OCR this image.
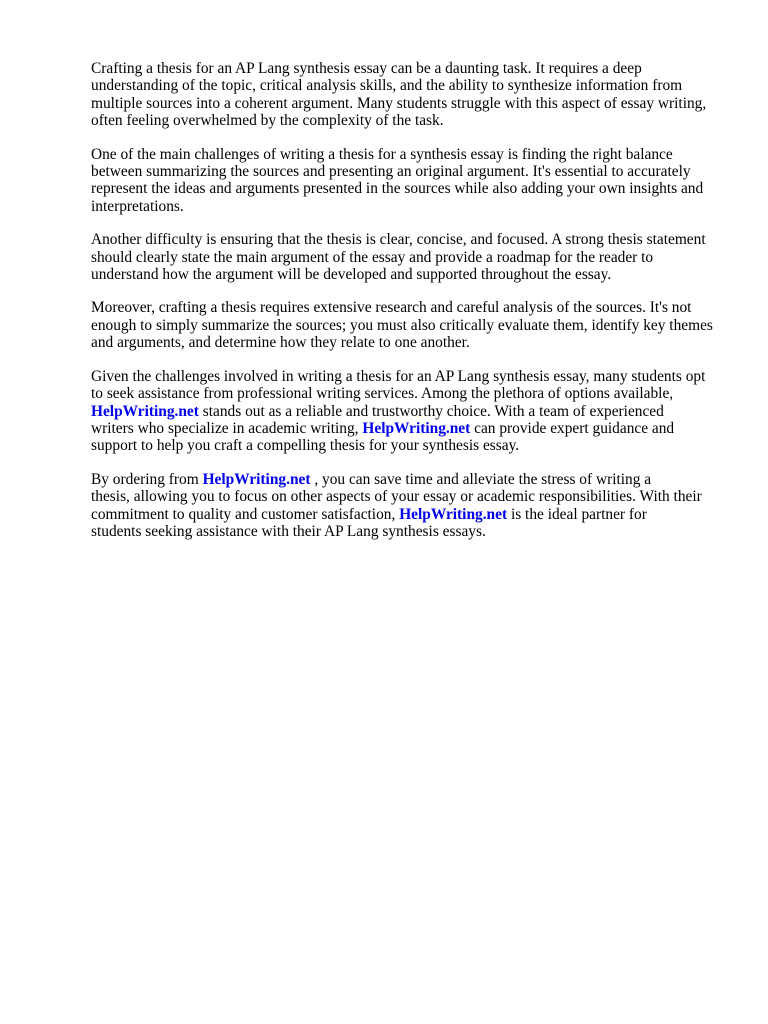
Crafting a thesis for an AP Lang synthesis essay can be a daunting task. It requires a deep
understanding of the topic, critical analysis skills, and the ability to synthesize information from
multiple sources into a coherent argument. Many students struggle with this aspect of essay writing,
often feeling overwhelmed by the complexity of the task.

One of the main challenges of writing a thesis for a synthesis essay is finding the right balance
between summarizing the sources and presenting an original argument. It's essential to accurately
represent the ideas and arguments presented in the sources while also adding your own insights and
interpretations.

Another difficulty is ensuring that the thesis is clear, concise, and focused. A strong thesis statement
should clearly state the main argument of the essay and provide a roadmap for the reader to
understand how the argument will be developed and supported throughout the essay.

Moreover, crafting a thesis requires extensive research and careful analysis of the sources. It's not
enough to simply summarize the sources; you must also critically evaluate them, identify key themes
and arguments, and determine how they relate to one another.

Given the challenges involved in writing a thesis for an AP Lang synthesis essay, many students opt
to seek assistance from professional writing services. Among the plethora of options available,
HelpWriting.net stands out as a reliable and trustworthy choice. With a team of experienced
writers who specialize in academic writing, HelpWriting.net can provide expert guidance and
support to help you craft a compelling thesis for your synthesis essay.

By ordering from HelpWriting.net , you can save time and alleviate the stress of writing a
thesis, allowing you to focus on other aspects of your essay or academic responsibilities. With their
commitment to quality and customer satisfaction, HelpWriting.net is the ideal partner for
students seeking assistance with their AP Lang synthesis essays.
